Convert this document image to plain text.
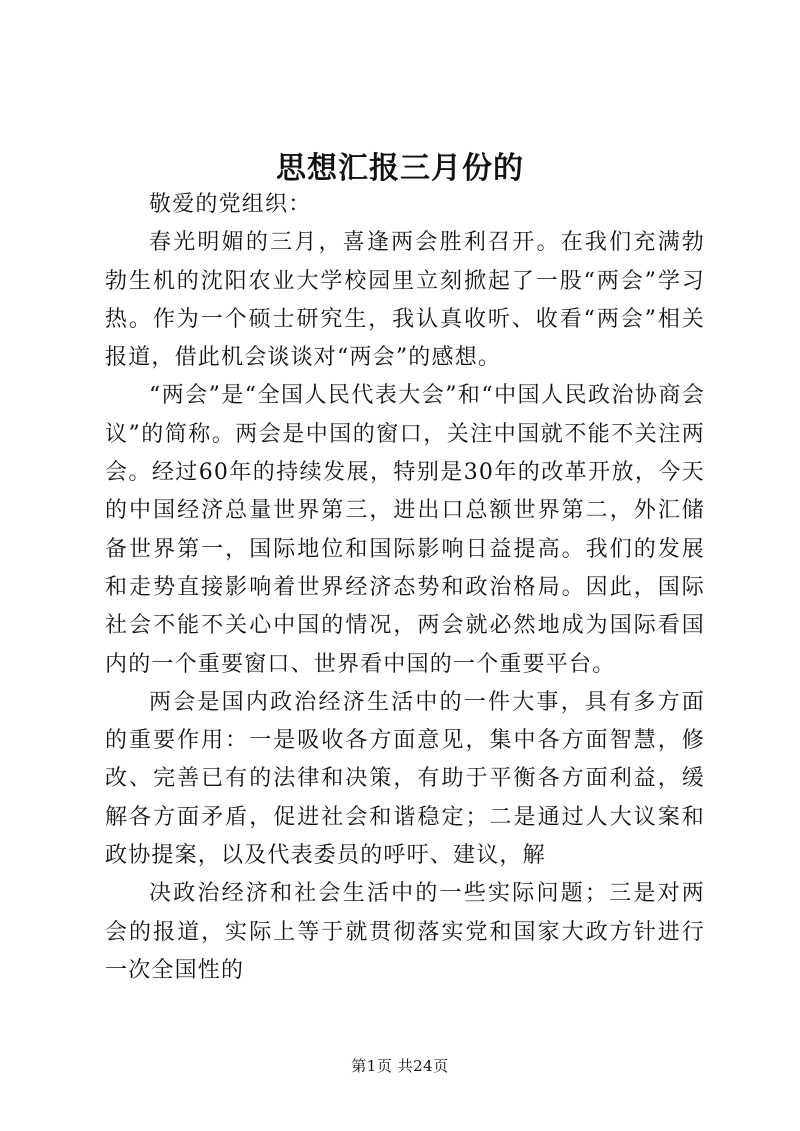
思想汇报三月份的

敬爱的党组织：

春光明媚的三月，喜逢两会胜利召开。在我们充满勃勃生机的沈阳农业大学校园里立刻掀起了一股“两会”学习热。作为一个硕士研究生，我认真收听、收看“两会”相关报道，借此机会谈谈对“两会”的感想。

“两会”是“全国人民代表大会”和“中国人民政治协商会议”的简称。两会是中国的窗口，关注中国就不能不关注两会。经过60年的持续发展，特别是30年的改革开放，今天的中国经济总量世界第三，进出口总额世界第二，外汇储备世界第一，国际地位和国际影响日益提高。我们的发展和走势直接影响着世界经济态势和政治格局。因此，国际社会不能不关心中国的情况，两会就必然地成为国际看国内的一个重要窗口、世界看中国的一个重要平台。

两会是国内政治经济生活中的一件大事，具有多方面的重要作用：一是吸收各方面意见，集中各方面智慧，修改、完善已有的法律和决策，有助于平衡各方面利益，缓解各方面矛盾，促进社会和谐稳定；二是通过人大议案和政协提案，以及代表委员的呼吁、建议，解

决政治经济和社会生活中的一些实际问题；三是对两会的报道，实际上等于就贯彻落实党和国家大政方针进行一次全国性的

第1页 共24页
